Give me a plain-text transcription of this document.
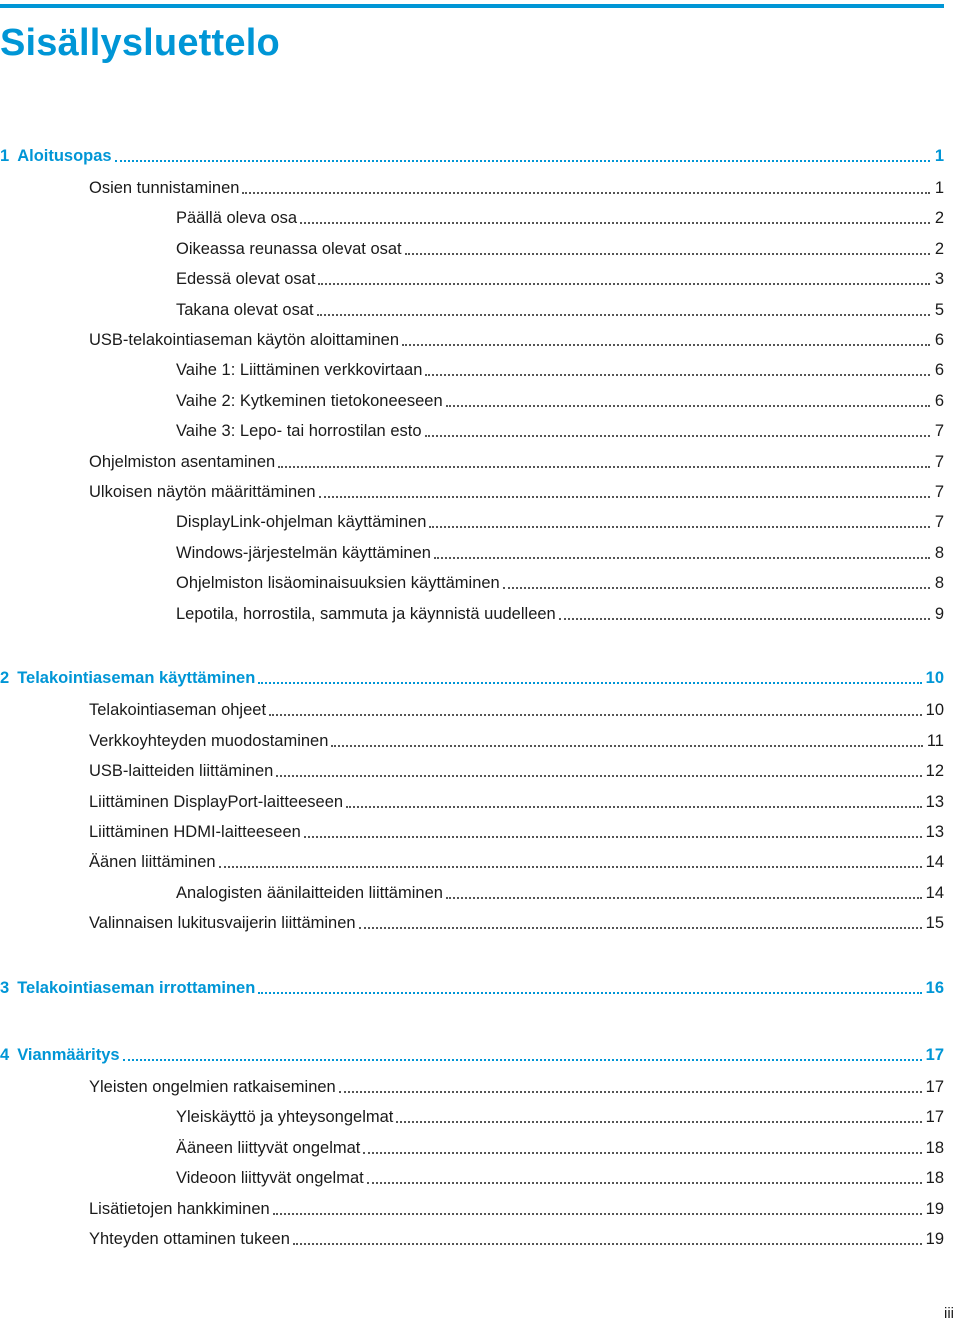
Sisällysluettelo
1 Aloitusopas	1
Osien tunnistaminen	1
Päällä oleva osa	2
Oikeassa reunassa olevat osat	2
Edessä olevat osat	3
Takana olevat osat	5
USB-telakointiaseman käytön aloittaminen	6
Vaihe 1: Liittäminen verkkovirtaan	6
Vaihe 2: Kytkeminen tietokoneeseen	6
Vaihe 3: Lepo- tai horrostilan esto	7
Ohjelmiston asentaminen	7
Ulkoisen näytön määrittäminen	7
DisplayLink-ohjelman käyttäminen	7
Windows-järjestelmän käyttäminen	8
Ohjelmiston lisäominaisuuksien käyttäminen	8
Lepotila, horrostila, sammuta ja käynnistä uudelleen	9
2 Telakointiaseman käyttäminen	10
Telakointiaseman ohjeet	10
Verkkoyhteyden muodostaminen	11
USB-laitteiden liittäminen	12
Liittäminen DisplayPort-laitteeseen	13
Liittäminen HDMI-laitteeseen	13
Äänen liittäminen	14
Analogisten äänilaitteiden liittäminen	14
Valinnaisen lukitusvaijerin liittäminen	15
3 Telakointiaseman irrottaminen	16
4 Vianmääritys	17
Yleisten ongelmien ratkaiseminen	17
Yleiskäyttö ja yhteysongelmat	17
Ääneen liittyvät ongelmat	18
Videoon liittyvät ongelmat	18
Lisätietojen hankkiminen	19
Yhteyden ottaminen tukeen	19
iii
